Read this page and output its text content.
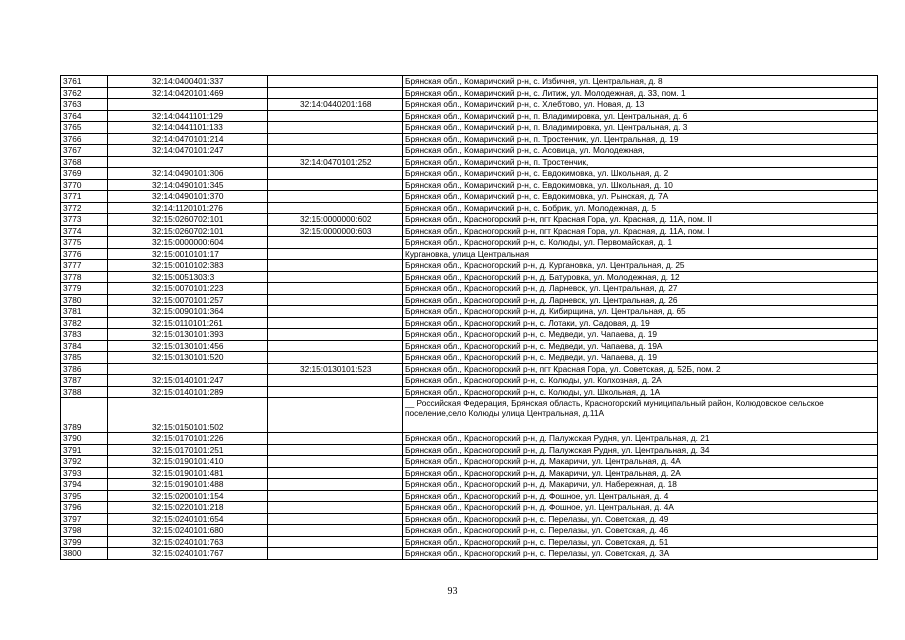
3761	32:14:0400401:337		Брянская обл., Комаричский р-н, с. Избичня, ул. Центральная, д. 8
3762	32:14:0420101:469		Брянская обл., Комаричский р-н, с. Литиж, ул. Молодежная, д. 33, пом. 1
3763		32:14:0440201:168	Брянская обл., Комаричский р-н, с. Хлебтово, ул. Новая, д. 13
3764	32:14:0441101:129		Брянская обл., Комаричский р-н, п. Владимировка, ул. Центральная, д. 6
3765	32:14:0441101:133		Брянская обл., Комаричский р-н, п. Владимировка, ул. Центральная, д. 3
3766	32:14:0470101:214		Брянская обл., Комаричский р-н, п. Тростенчик, ул. Центральная, д. 19
3767	32:14:0470101:247		Брянская обл., Комаричский р-н, с. Асовица, ул. Молодежная,
3768		32:14:0470101:252	Брянская обл., Комаричский р-н, п. Тростенчик,
3769	32:14:0490101:306		Брянская обл., Комаричский р-н, с. Евдокимовка, ул. Школьная, д. 2
3770	32:14:0490101:345		Брянская обл., Комаричский р-н, с. Евдокимовка, ул. Школьная, д. 10
3771	32:14:0490101:370		Брянская обл., Комаричский р-н, с. Евдокимовка, ул. Рынская, д. 7А
3772	32:14:1120101:276		Брянская обл., Комаричский р-н, с. Бобрик, ул. Молодежная, д. 5
3773	32:15:0260702:101	32:15:0000000:602	Брянская обл., Красногорский р-н, пгт Красная Гора, ул. Красная, д. 11А, пом. II
3774	32:15:0260702:101	32:15:0000000:603	Брянская обл., Красногорский р-н, пгт Красная Гора, ул. Красная, д. 11А, пом. I
3775	32:15:0000000:604		Брянская обл., Красногорский р-н, с. Колюды, ул. Первомайская, д. 1
3776	32:15:0010101:17		Кургановка, улица Центральная
3777	32:15:0010102:383		Брянская обл., Красногорский р-н, д. Кургановка, ул. Центральная, д. 25
3778	32:15:0051303:3		Брянская обл., Красногорский р-н, д. Батуровка, ул. Молодежная, д. 12
3779	32:15:0070101:223		Брянская обл., Красногорский р-н, д. Ларневск, ул. Центральная, д. 27
3780	32:15:0070101:257		Брянская обл., Красногорский р-н, д. Ларневск, ул. Центральная, д. 26
3781	32:15:0090101:364		Брянская обл., Красногорский р-н, д. Кибирщина, ул. Центральная, д. 65
3782	32:15:0110101:261		Брянская обл., Красногорский р-н, с. Лотаки, ул. Садовая, д. 19
3783	32:15:0130101:393		Брянская обл., Красногорский р-н, с. Медведи, ул. Чапаева, д. 19
3784	32:15:0130101:456		Брянская обл., Красногорский р-н, с. Медведи, ул. Чапаева, д. 19А
3785	32:15:0130101:520		Брянская обл., Красногорский р-н, с. Медведи, ул. Чапаева, д. 19
3786		32:15:0130101:523	Брянская обл., Красногорский р-н, пгт Красная Гора, ул. Советская, д. 52Б, пом. 2
3787	32:15:0140101:247		Брянская обл., Красногорский р-н, с. Колюды, ул. Колхозная, д. 2А
3788	32:15:0140101:289		Брянская обл., Красногорский р-н, с. Колюды, ул. Школьная, д. 1А
3789	32:15:0150101:502		__ Российская Федерация, Брянская область, Красногорский муниципальный район, Колюдовское сельское поселение,село Колюды улица Центральная, д.11А
3790	32:15:0170101:226		Брянская обл., Красногорский р-н, д. Палужская Рудня, ул. Центральная, д. 21
3791	32:15:0170101:251		Брянская обл., Красногорский р-н, д. Палужская Рудня, ул. Центральная, д. 34
3792	32:15:0190101:410		Брянская обл., Красногорский р-н, д. Макаричи, ул. Центральная, д. 4А
3793	32:15:0190101:481		Брянская обл., Красногорский р-н, д. Макаричи, ул. Центральная, д. 2А
3794	32:15:0190101:488		Брянская обл., Красногорский р-н, д. Макаричи, ул. Набережная, д. 18
3795	32:15:0200101:154		Брянская обл., Красногорский р-н, д. Фошное, ул. Центральная, д. 4
3796	32:15:0220101:218		Брянская обл., Красногорский р-н, д. Фошное, ул. Центральная, д. 4А
3797	32:15:0240101:654		Брянская обл., Красногорский р-н, с. Перелазы, ул. Советская, д. 49
3798	32:15:0240101:680		Брянская обл., Красногорский р-н, с. Перелазы, ул. Советская, д. 46
3799	32:15:0240101:763		Брянская обл., Красногорский р-н, с. Перелазы, ул. Советская, д. 51
3800	32:15:0240101:767		Брянская обл., Красногорский р-н, с. Перелазы, ул. Советская, д. 3А
93
